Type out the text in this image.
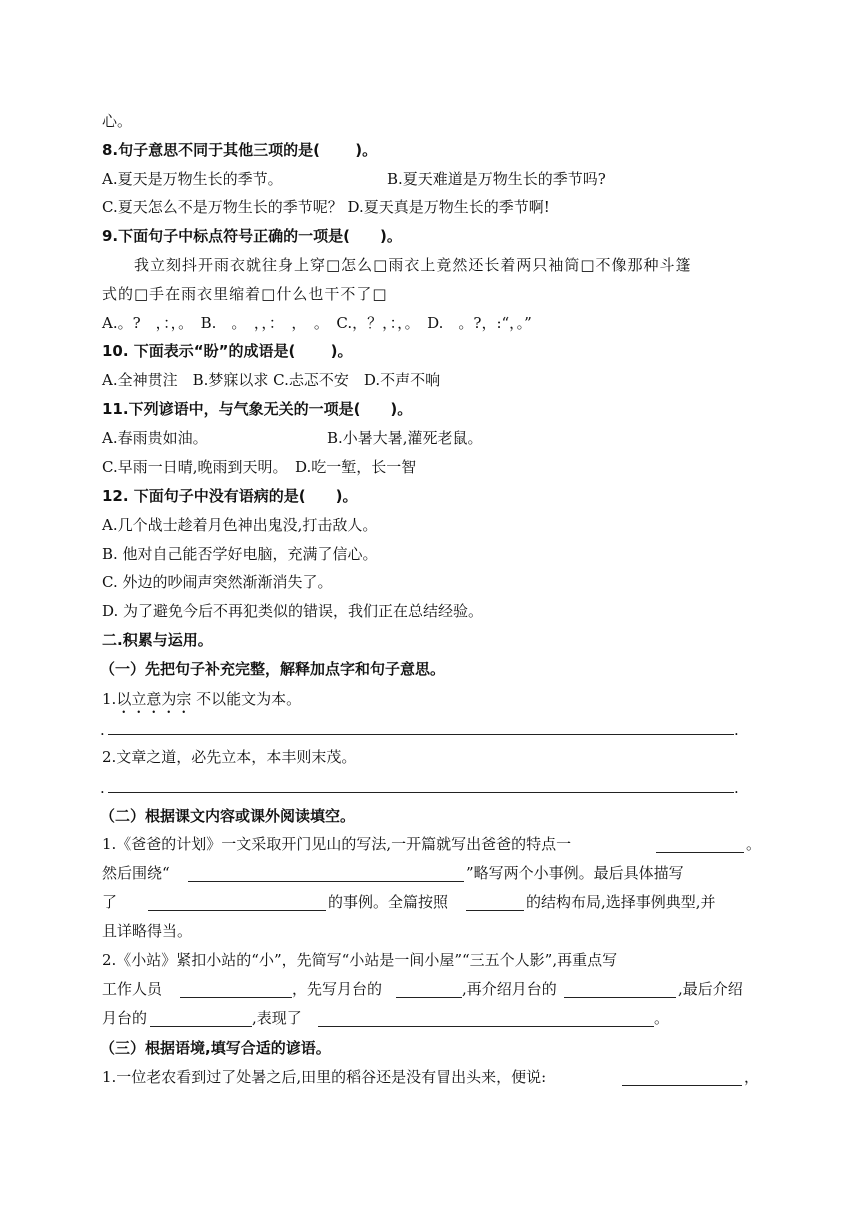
心。
8.句子意思不同于其他三项的是(　　 )。
A.夏天是万物生长的季节。	B.夏天难道是万物生长的季节吗?
C.夏天怎么不是万物生长的季节呢？ D.夏天真是万物生长的季节啊!
9.下面句子中标点符号正确的一项是(　　)。
我立刻抖开雨衣就往身上穿□怎么□雨衣上竟然还长着两只袖筒□不像那种斗篷
式的□手在雨衣里缩着□什么也干不了□
A.。?　，：，。　B.　。　，，：　，　。　C.，？，：，。　D.　。?，:“，。”
10. 下面表示“盼”的成语是(　　 )。
A.全神贯注　B.梦寐以求 C.忐忑不安　D.不声不响
11.下列谚语中，与气象无关的一项是(　　)。
A.春雨贵如油。	B.小暑大暑,灌死老鼠。
C.早雨一日晴,晚雨到天明。　D.吃一堑，长一智
12. 下面句子中没有语病的是(　　)。
A.几个战士趁着月色神出鬼没,打击敌人。
B. 他对自己能否学好电脑，充满了信心。
C. 外边的吵闹声突然渐渐消失了。
D. 为了避免今后不再犯类似的错误，我们正在总结经验。
二.积累与运用。
（一）先把句子补充完整，解释加点字和句子意思。
1.以立意为宗 不以能文为本。
.	.
2.文章之道，必先立本，本丰则末茂。
.	.
（二）根据课文内容或课外阅读填空。
1.《爸爸的计划》一文采取开门见山的写法,一开篇就写出爸爸的特点一	。
然后围绕“	”略写两个小事例。最后具体描写
了	的事例。全篇按照	的结构布局,选择事例典型,并
且详略得当。
2.《小站》紧扣小站的“小”，先简写“小站是一间小屋”“三五个人影”,再重点写
工作人员	，先写月台的	,再介绍月台的	,最后介绍
月台的	,表现了	。
（三）根据语境,填写合适的谚语。
1.一位老农看到过了处暑之后,田里的稻谷还是没有冒出头来，便说:	，
